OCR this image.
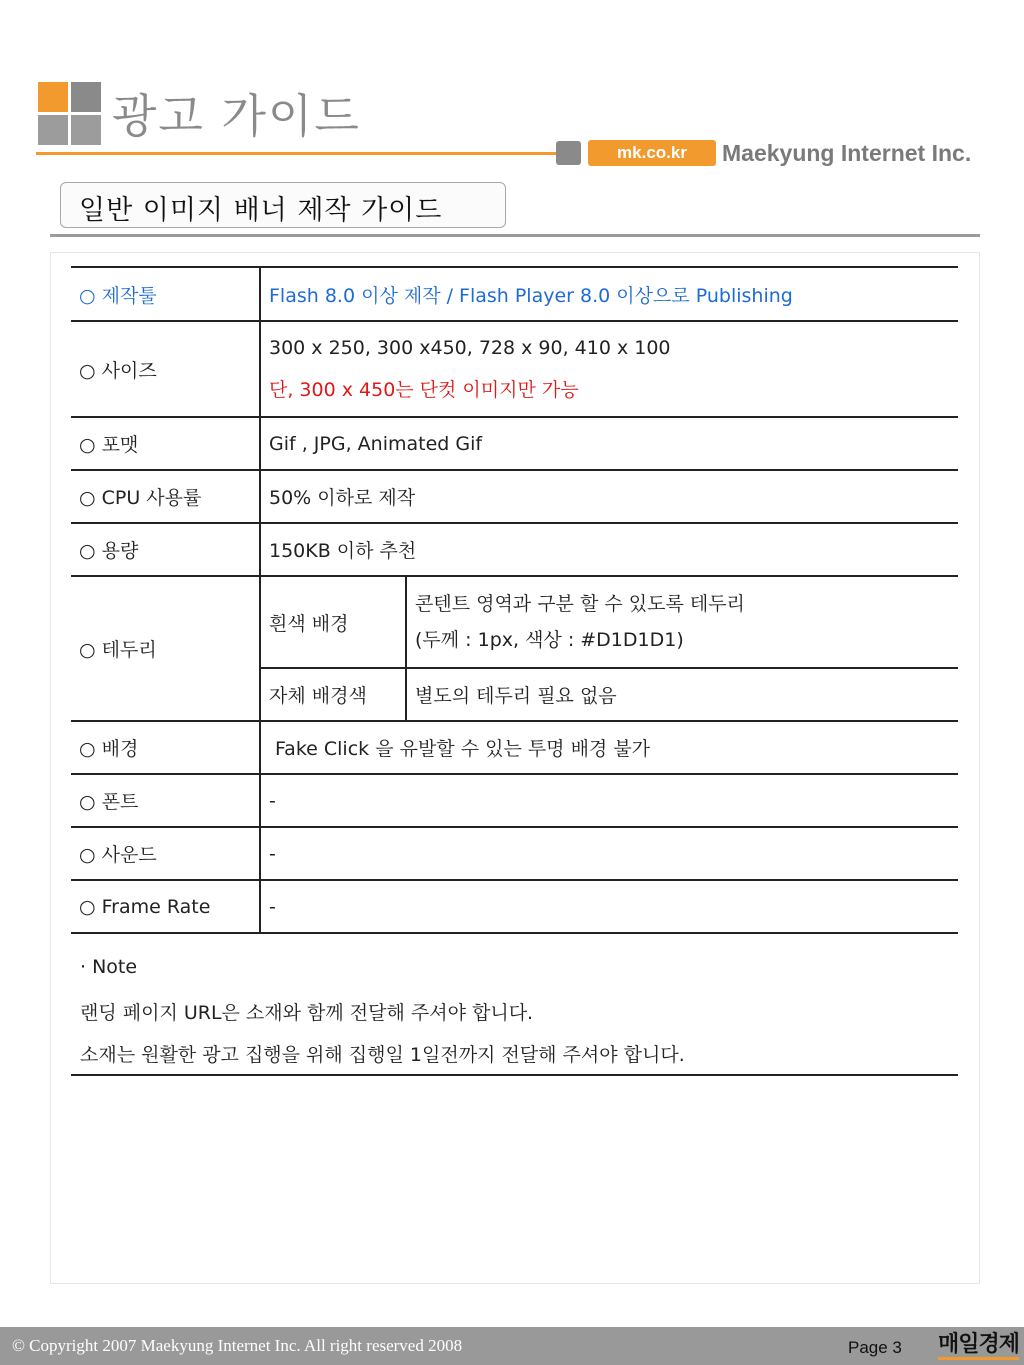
광고 가이드
mk.co.kr	Maekyung Internet Inc.
일반 이미지 배너 제작 가이드
○ 제작툴	Flash 8.0 이상 제작 / Flash Player 8.0 이상으로 Publishing	
○ 사이즈	300 x 250, 300 x450, 728 x 90, 410 x 100
단, 300 x 450는 단컷 이미지만 가능	

○ 포맷	Gif , JPG, Animated Gif	
○ CPU 사용률	50% 이하로 제작	
○ 용량	150KB 이하 추천	
○ 테두리	흰색 배경	콘텐트 영역과 구분 할 수 있도록 테두리
(두께 : 1px, 색상 : #D1D1D1)

	자체 배경색	별도의 테두리 필요 없음
○ 배경	Fake Click 을 유발할 수 있는 투명 배경 불가	
○ 폰트	-	
○ 사운드	-	
○ Frame Rate	-	
· Note
랜딩 페이지 URL은 소재와 함께 전달해 주셔야 합니다.
소재는 원활한 광고 집행을 위해 집행일 1일전까지 전달해 주셔야 합니다.
© Copyright 2007 Maekyung Internet Inc. All right reserved 2008	Page 3 매일경제
